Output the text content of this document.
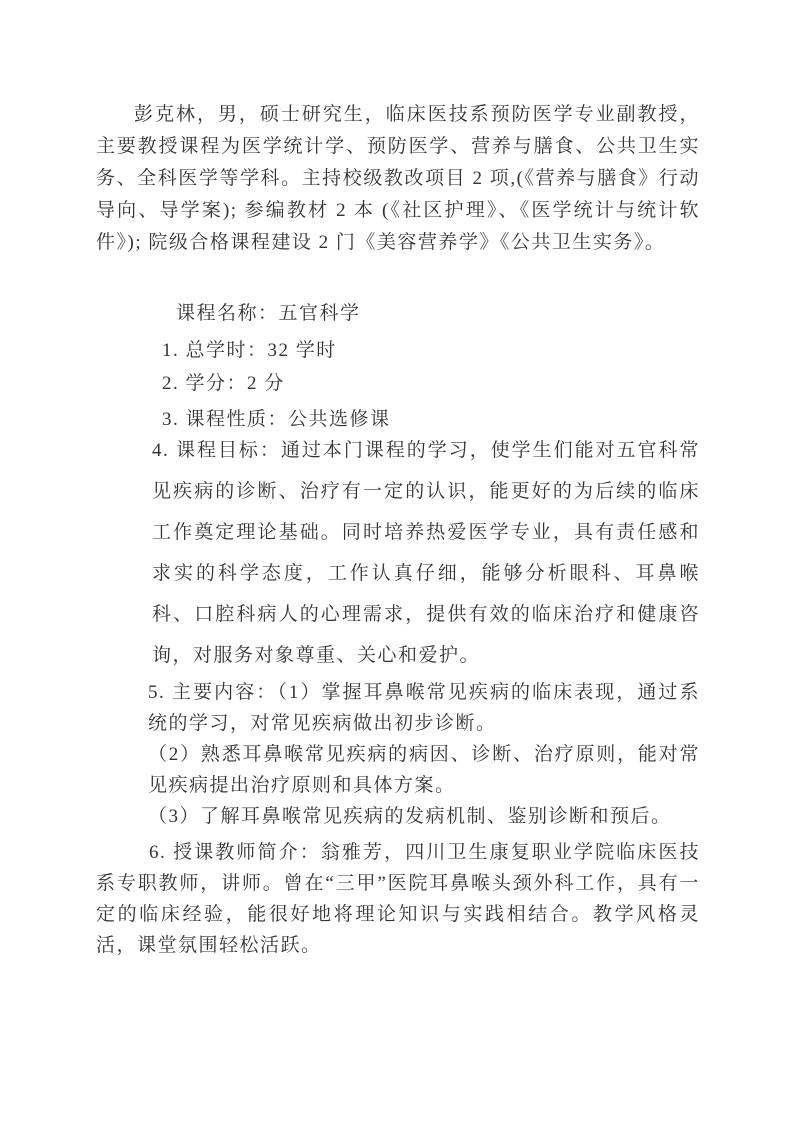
彭克林，男，硕士研究生，临床医技系预防医学专业副教授，主要教授课程为医学统计学、预防医学、营养与膳食、公共卫生实务、全科医学等学科。主持校级教改项目 2 项,(《营养与膳食》行动导向、导学案); 参编教材 2 本 (《社区护理》、《医学统计与统计软件》); 院级合格课程建设 2 门《美容营养学》《公共卫生实务》。

课程名称：五官科学

1. 总学时：32 学时

2. 学分：2 分

3. 课程性质：公共选修课

4. 课程目标：通过本门课程的学习，使学生们能对五官科常见疾病的诊断、治疗有一定的认识，能更好的为后续的临床工作奠定理论基础。同时培养热爱医学专业，具有责任感和求实的科学态度，工作认真仔细，能够分析眼科、耳鼻喉科、口腔科病人的心理需求，提供有效的临床治疗和健康咨询，对服务对象尊重、关心和爱护。

5. 主要内容：（1）掌握耳鼻喉常见疾病的临床表现，通过系统的学习，对常见疾病做出初步诊断。

（2）熟悉耳鼻喉常见疾病的病因、诊断、治疗原则，能对常见疾病提出治疗原则和具体方案。

（3）了解耳鼻喉常见疾病的发病机制、鉴别诊断和预后。

6. 授课教师简介：翁雅芳，四川卫生康复职业学院临床医技系专职教师，讲师。曾在“三甲”医院耳鼻喉头颈外科工作，具有一定的临床经验，能很好地将理论知识与实践相结合。教学风格灵活，课堂氛围轻松活跃。
